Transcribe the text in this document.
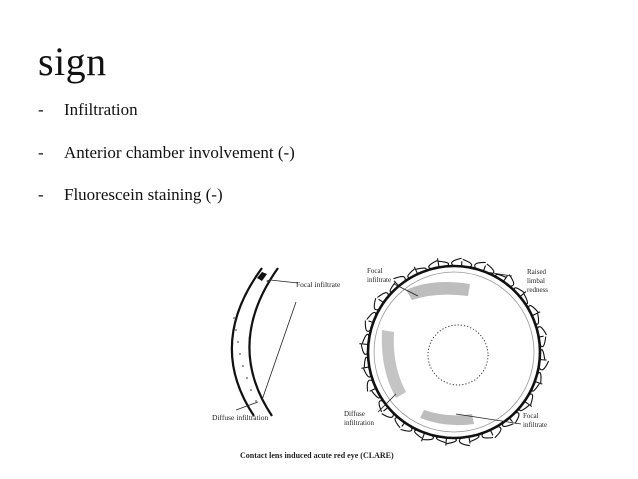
sign
- Infiltration
- Anterior chamber involvement (-)
- Fluorescein staining (-)
Focal infiltrate
Diffuse infiltration
Focal
infiltrate
Raised
limbal
redness
Diffuse
infiltration
Focal
infiltrate
Contact lens induced acute red eye (CLARE)
